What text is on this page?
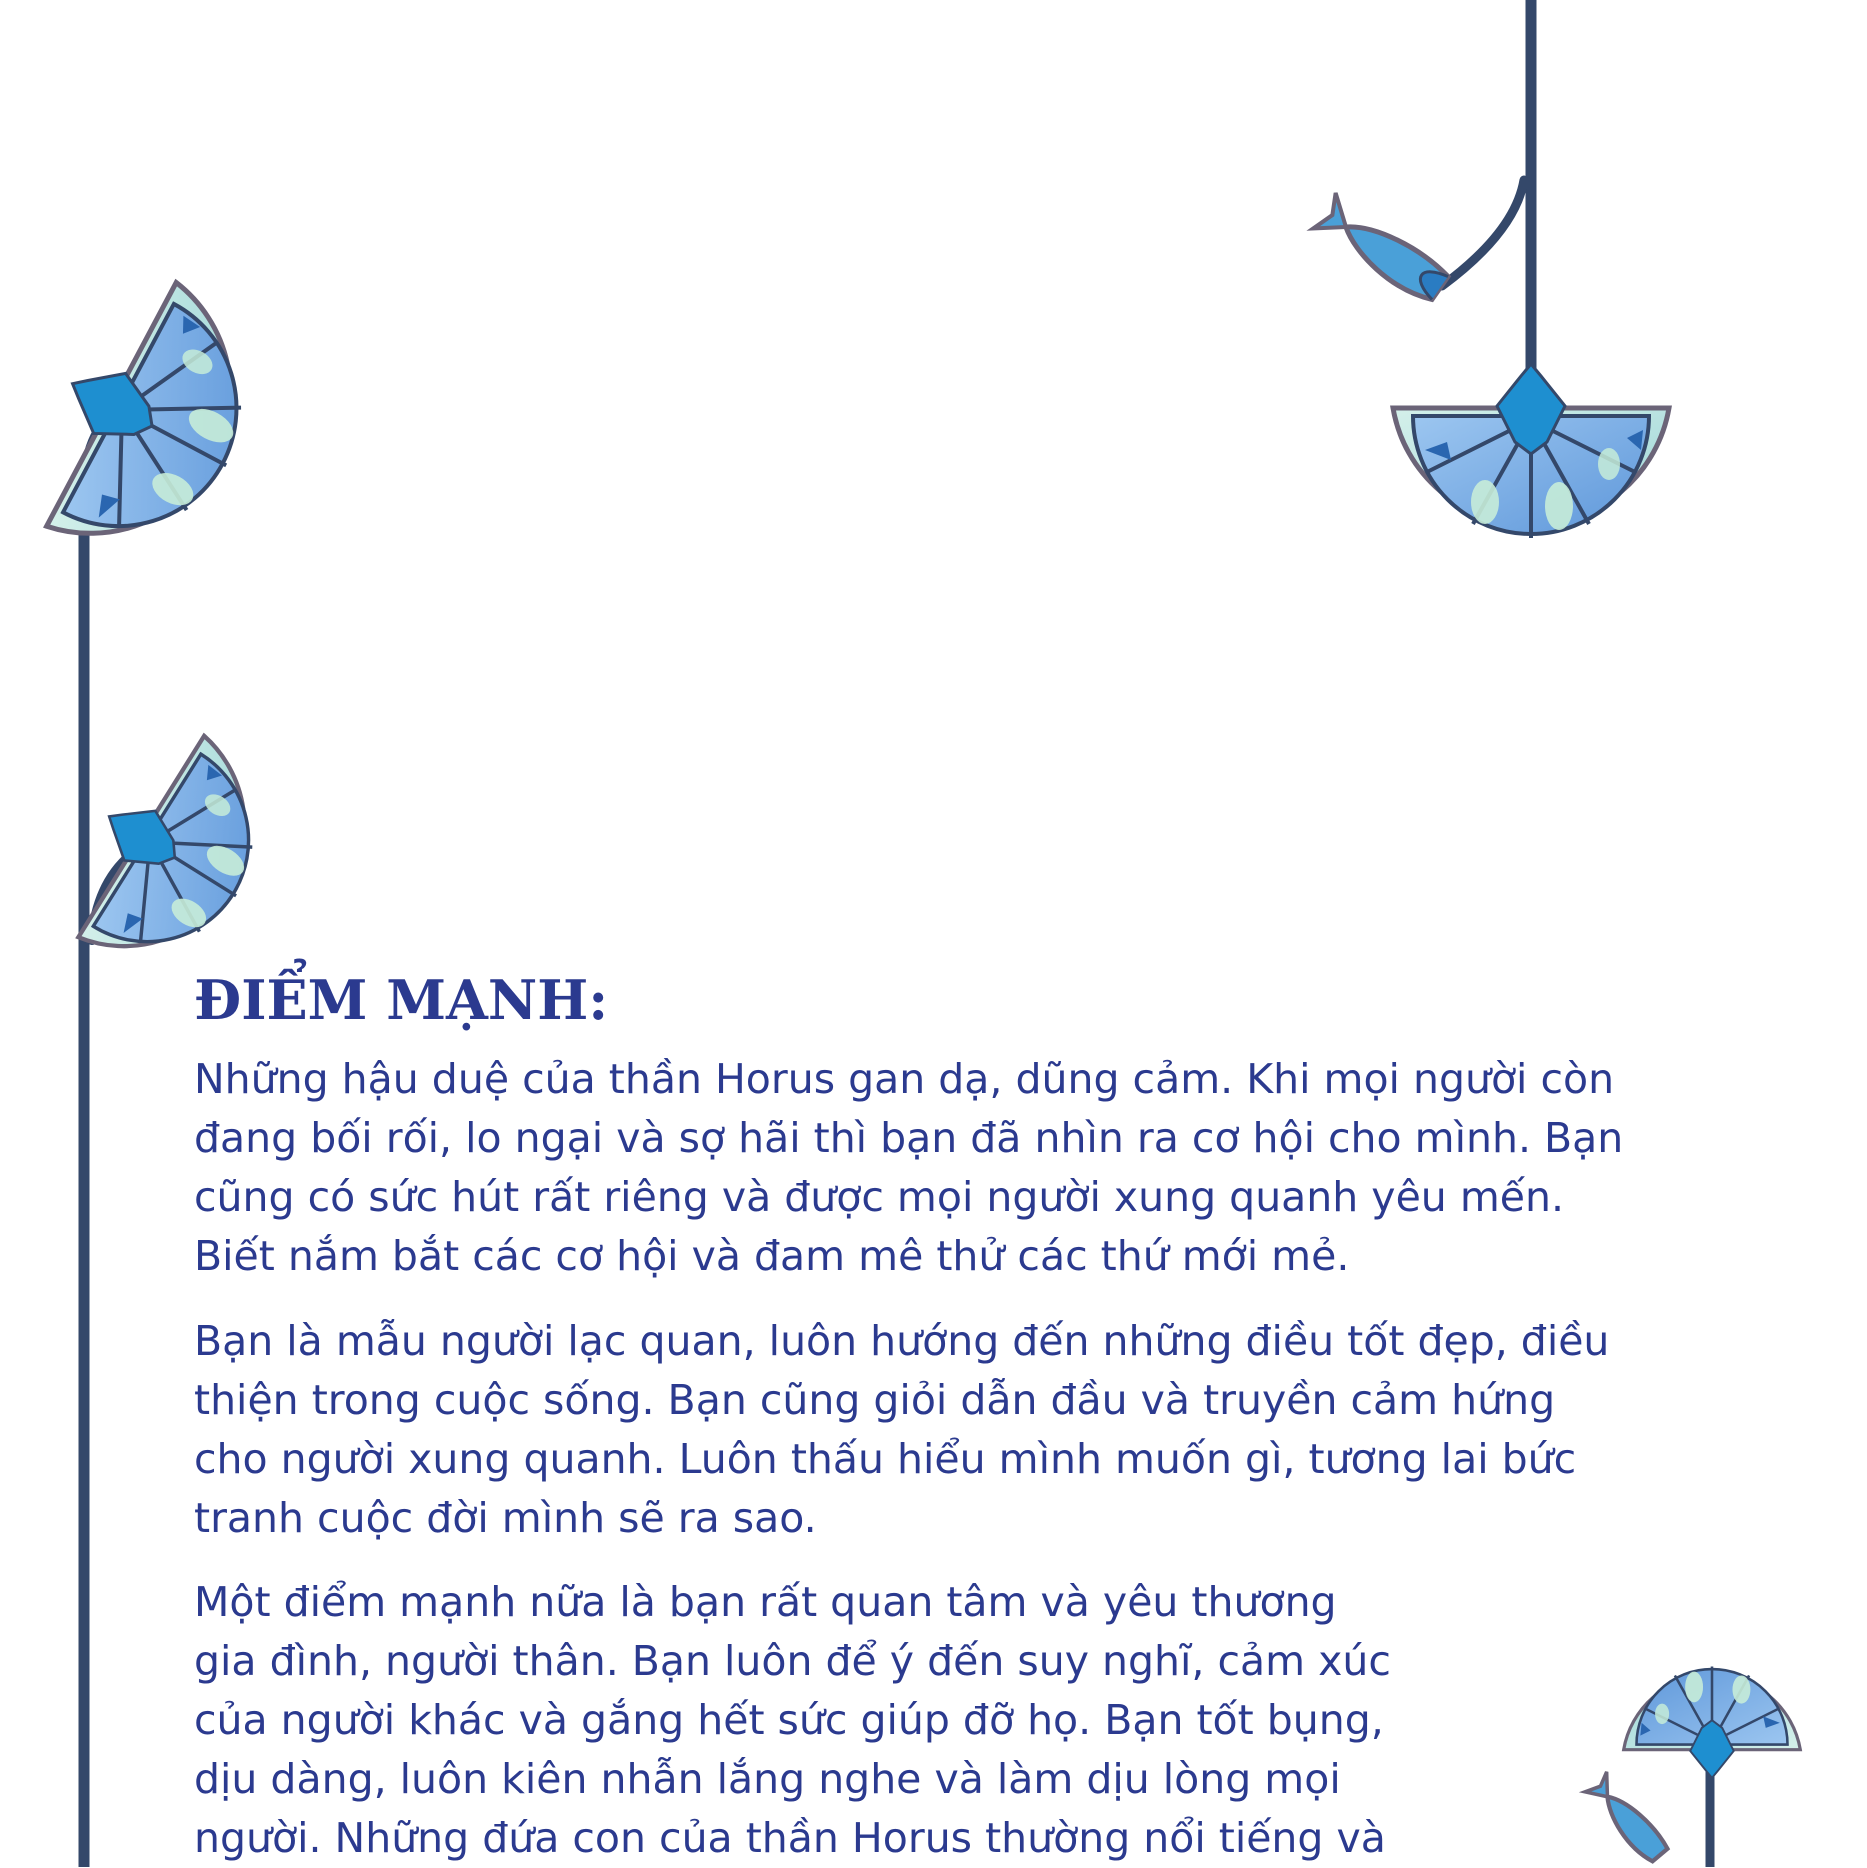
ĐIỂM MẠNH:

Những hậu duệ của thần Horus gan dạ, dũng cảm. Khi mọi người còn
đang bối rối, lo ngại và sợ hãi thì bạn đã nhìn ra cơ hội cho mình. Bạn
cũng có sức hút rất riêng và được mọi người xung quanh yêu mến.
Biết nắm bắt các cơ hội và đam mê thử các thứ mới mẻ.

Bạn là mẫu người lạc quan, luôn hướng đến những điều tốt đẹp, điều
thiện trong cuộc sống. Bạn cũng giỏi dẫn đầu và truyền cảm hứng
cho người xung quanh. Luôn thấu hiểu mình muốn gì, tương lai bức
tranh cuộc đời mình sẽ ra sao.

Một điểm mạnh nữa là bạn rất quan tâm và yêu thương
gia đình, người thân. Bạn luôn để ý đến suy nghĩ, cảm xúc
của người khác và gắng hết sức giúp đỡ họ. Bạn tốt bụng,
dịu dàng, luôn kiên nhẫn lắng nghe và làm dịu lòng mọi
người. Những đứa con của thần Horus thường nổi tiếng và
